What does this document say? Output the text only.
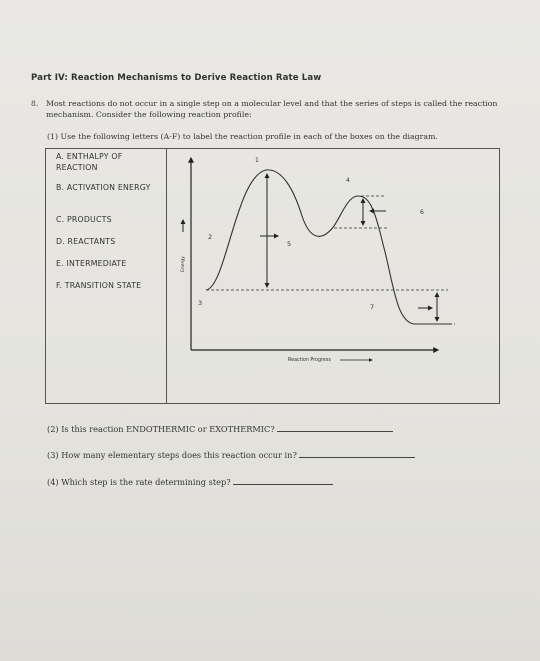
Part IV: Reaction Mechanisms to Derive Reaction Rate Law
8. Most reactions do not occur in a single step on a molecular level and that the series of steps is called the reaction mechanism. Consider the following reaction profile:
(1) Use the following letters (A-F) to label the reaction profile in each of the boxes on the diagram.
A. ENTHALPY OF REACTION
B. ACTIVATION ENERGY
C. PRODUCTS
D. REACTANTS
E. INTERMEDIATE
F. TRANSITION STATE
Energy
Reaction Progress
1
2
3
4
5
6
7
(2) Is this reaction ENDOTHERMIC or EXOTHERMIC?
(3) How many elementary steps does this reaction occur in?
(4) Which step is the rate determining step?
